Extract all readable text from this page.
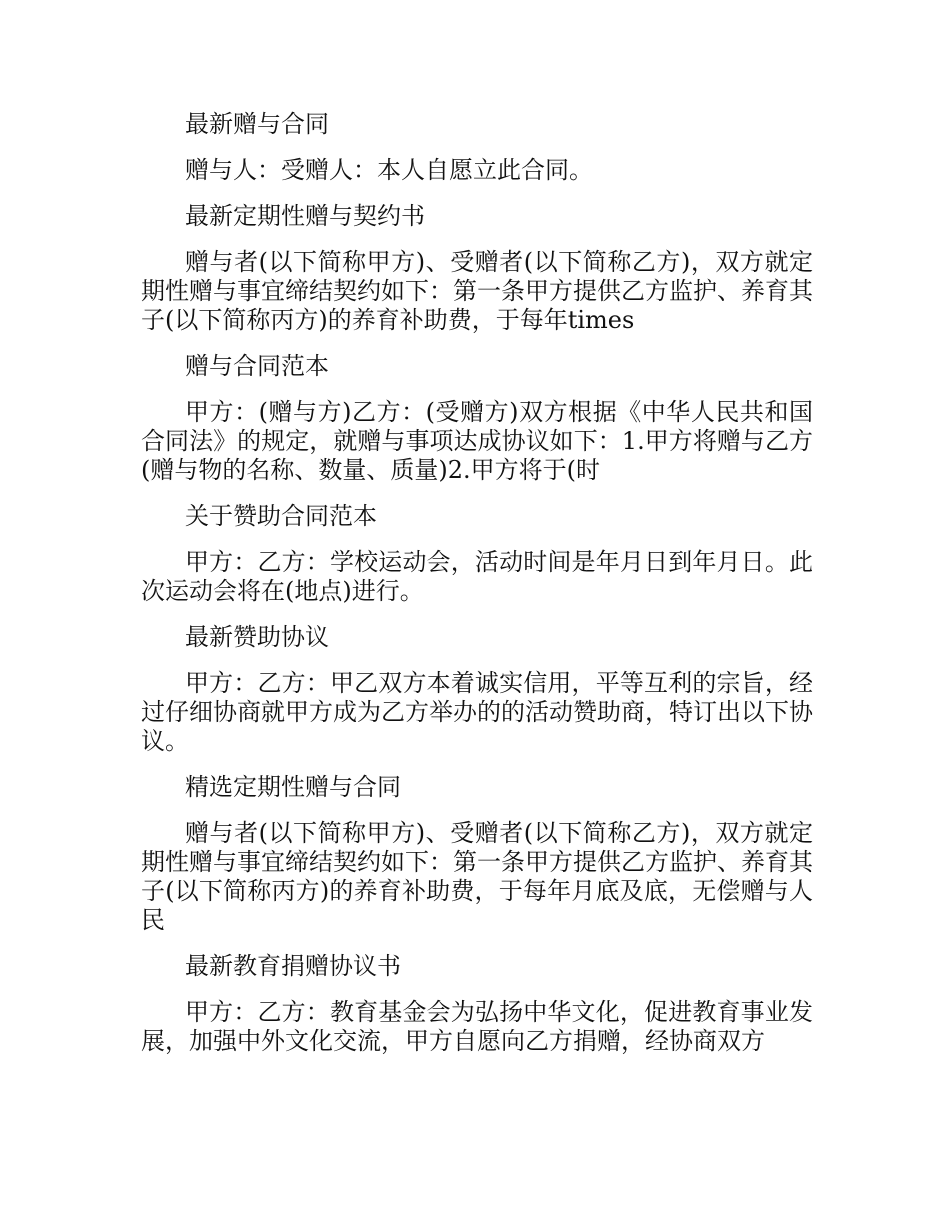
最新赠与合同

赠与人：受赠人：本人自愿立此合同。

最新定期性赠与契约书

赠与者(以下简称甲方)、受赠者(以下简称乙方)，双方就定期性赠与事宜缔结契约如下：第一条甲方提供乙方监护、养育其子(以下简称丙方)的养育补助费，于每年times

赠与合同范本

甲方：(赠与方)乙方：(受赠方)双方根据《中华人民共和国合同法》的规定，就赠与事项达成协议如下：1.甲方将赠与乙方(赠与物的名称、数量、质量)2.甲方将于(时

关于赞助合同范本

甲方：乙方：学校运动会，活动时间是年月日到年月日。此次运动会将在(地点)进行。

最新赞助协议

甲方：乙方：甲乙双方本着诚实信用，平等互利的宗旨，经过仔细协商就甲方成为乙方举办的的活动赞助商，特订出以下协议。

精选定期性赠与合同

赠与者(以下简称甲方)、受赠者(以下简称乙方)，双方就定期性赠与事宜缔结契约如下：第一条甲方提供乙方监护、养育其子(以下简称丙方)的养育补助费，于每年月底及底，无偿赠与人民

最新教育捐赠协议书

甲方：乙方：教育基金会为弘扬中华文化，促进教育事业发展，加强中外文化交流，甲方自愿向乙方捐赠，经协商双方
